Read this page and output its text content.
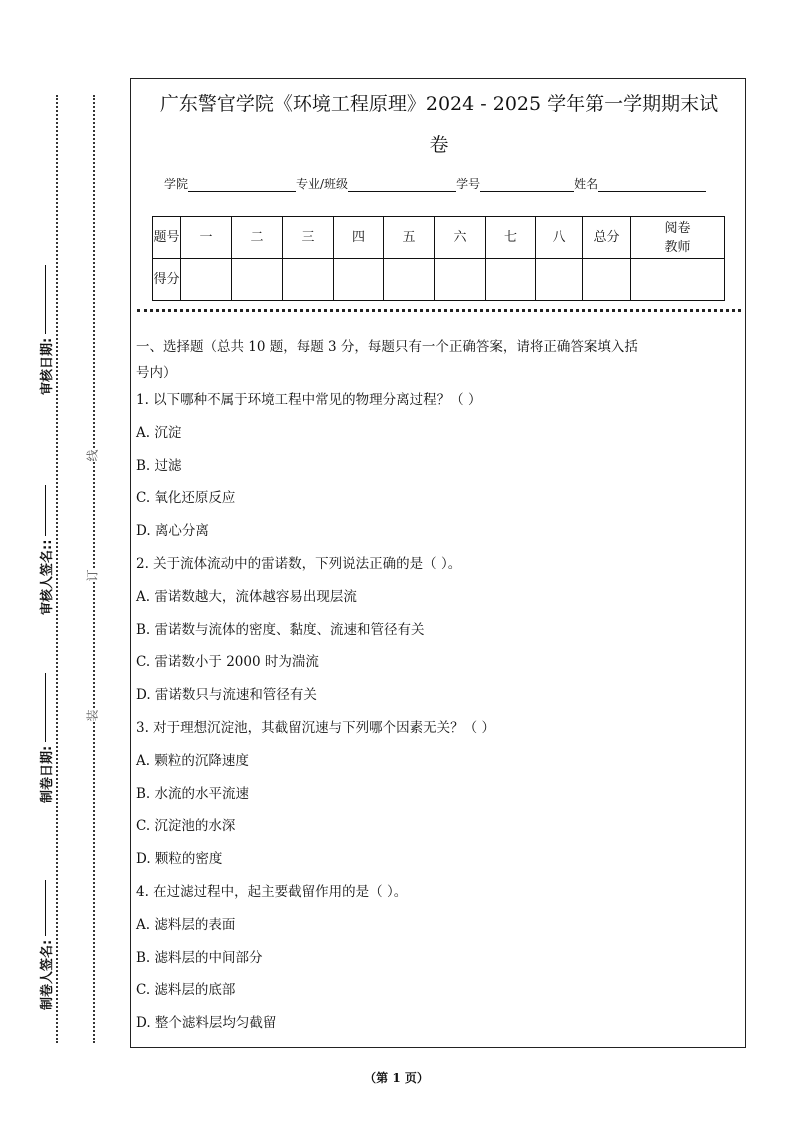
审核日期:
审核人签名::
制卷日期:
制卷人签名:
线
订
装
广东警官学院《环境工程原理》2024 - 2025 学年第一学期期末试
卷
学院	专业/班级	学号	姓名
题号	一	二	三	四	五	六	七	八	总分	阅卷教师
得分										
一、选择题（总共 10 题，每题 3 分，每题只有一个正确答案，请将正确答案填入括
号内）
1. 以下哪种不属于环境工程中常见的物理分离过程？（ ）
A. 沉淀
B. 过滤
C. 氧化还原反应
D. 离心分离
2. 关于流体流动中的雷诺数，下列说法正确的是（ ）。
A. 雷诺数越大，流体越容易出现层流
B. 雷诺数与流体的密度、黏度、流速和管径有关
C. 雷诺数小于 2000 时为湍流
D. 雷诺数只与流速和管径有关
3. 对于理想沉淀池，其截留沉速与下列哪个因素无关？（ ）
A. 颗粒的沉降速度
B. 水流的水平流速
C. 沉淀池的水深
D. 颗粒的密度
4. 在过滤过程中，起主要截留作用的是（ ）。
A. 滤料层的表面
B. 滤料层的中间部分
C. 滤料层的底部
D. 整个滤料层均匀截留
（第 1 页）
